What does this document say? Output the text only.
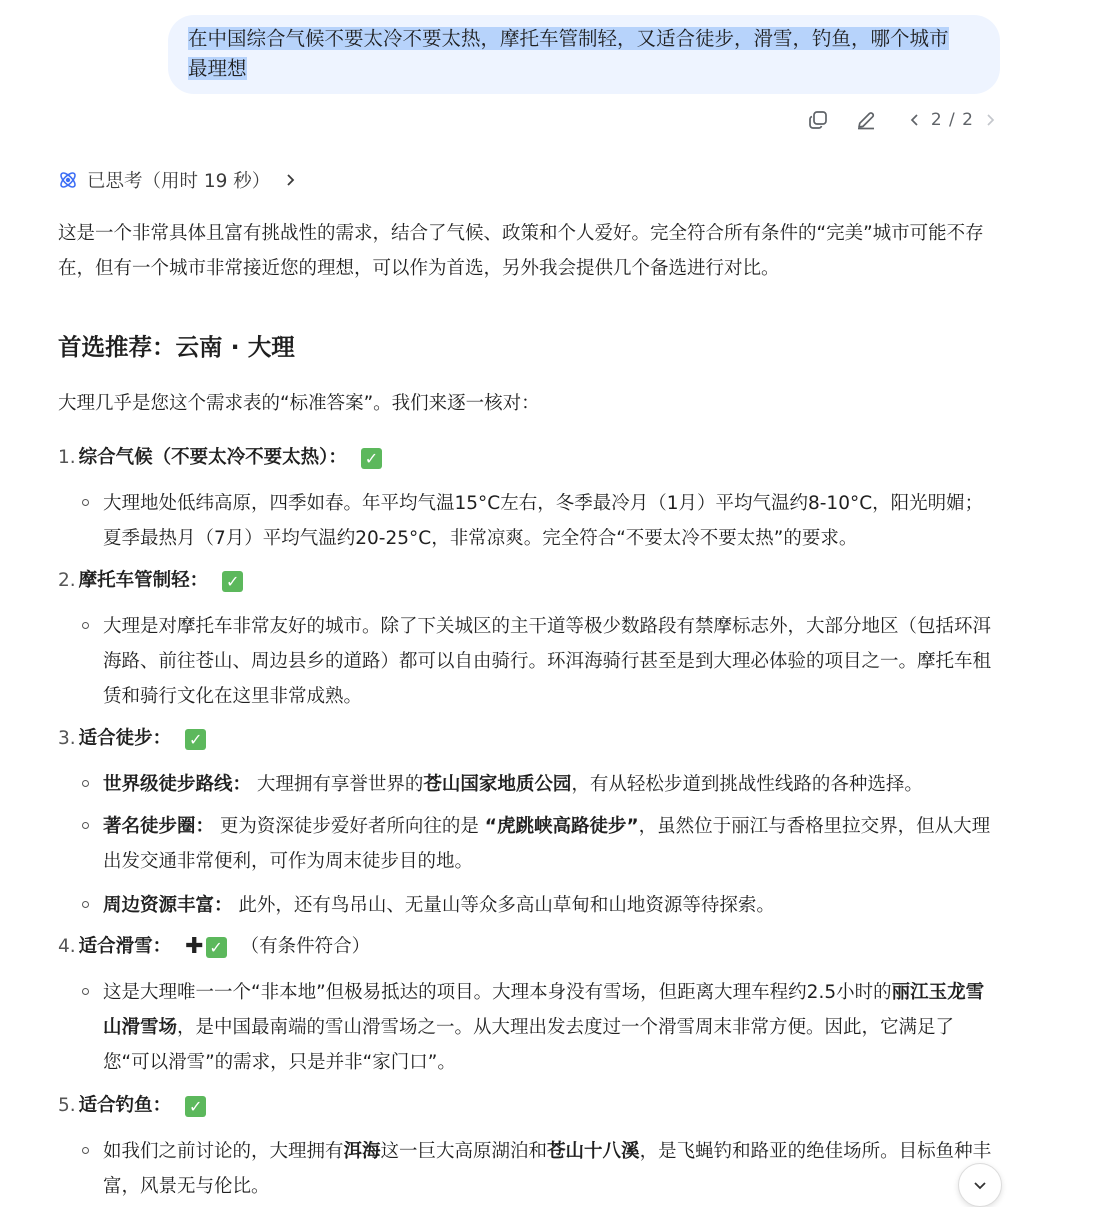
在中国综合气候不要太冷不要太热，摩托车管制轻，又适合徒步，滑雪，钓鱼，哪个城市
最理想
2 / 2
已思考（用时 19 秒）

这是一个非常具体且富有挑战性的需求，结合了气候、政策和个人爱好。完全符合所有条件的“完美”城市可能不存在，但有一个城市非常接近您的理想，可以作为首选，另外我会提供几个备选进行对比。

首选推荐：云南 · 大理

大理几乎是您这个需求表的“标准答案”。我们来逐一核对：

1. 综合气候（不要太冷不要太热）： ✓
大理地处低纬高原，四季如春。年平均气温15°C左右，冬季最冷月（1月）平均气温约8-10°C，阳光明媚；夏季最热月（7月）平均气温约20-25°C，非常凉爽。完全符合“不要太冷不要太热”的要求。
2. 摩托车管制轻： ✓
大理是对摩托车非常友好的城市。除了下关城区的主干道等极少数路段有禁摩标志外，大部分地区（包括环洱海路、前往苍山、周边县乡的道路）都可以自由骑行。环洱海骑行甚至是到大理必体验的项目之一。摩托车租赁和骑行文化在这里非常成熟。
3. 适合徒步： ✓
世界级徒步路线： 大理拥有享誉世界的苍山国家地质公园，有从轻松步道到挑战性线路的各种选择。
著名徒步圈： 更为资深徒步爱好者所向往的是 “虎跳峡高路徒步”，虽然位于丽江与香格里拉交界，但从大理出发交通非常便利，可作为周末徒步目的地。
周边资源丰富： 此外，还有鸟吊山、无量山等众多高山草甸和山地资源等待探索。
4. 适合滑雪： ✚ ✓ （有条件符合）
这是大理唯一一个“非本地”但极易抵达的项目。大理本身没有雪场，但距离大理车程约2.5小时的丽江玉龙雪山滑雪场，是中国最南端的雪山滑雪场之一。从大理出发去度过一个滑雪周末非常方便。因此，它满足了您“可以滑雪”的需求，只是并非“家门口”。
5. 适合钓鱼： ✓
如我们之前讨论的，大理拥有洱海这一巨大高原湖泊和苍山十八溪，是飞蝇钓和路亚的绝佳场所。目标鱼种丰富，风景无与伦比。
